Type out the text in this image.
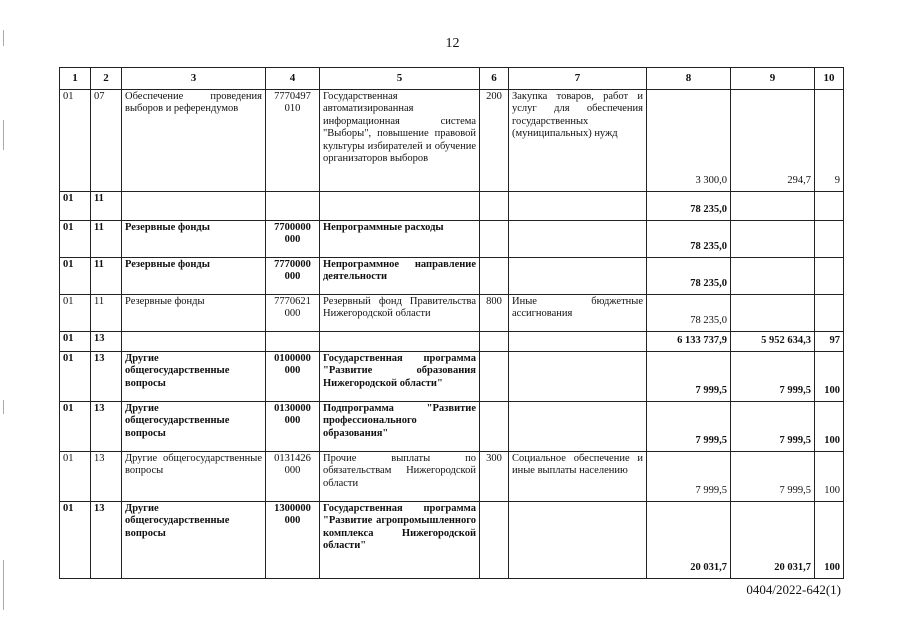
12
1	2	3	4	5	6	7	8	9	10
01	07	Обеспечение проведения выборов и референдумов	7770497 010	Государственная автоматизированная информационная система "Выборы", повышение правовой культуры избирателей и обучение организаторов выборов	200	Закупка товаров, работ и услуг для обеспечения государственных (муниципальных) нужд	3 300,0	294,7	9
01	11						78 235,0		
01	11	Резервные фонды	7700000 000	Непрограммные расходы			78 235,0		
01	11	Резервные фонды	7770000 000	Непрограммное направление деятельности			78 235,0		
01	11	Резервные фонды	7770621 000	Резервный фонд Правительства Нижегородской области	800	Иные бюджетные ассигнования	78 235,0		
01	13						6 133 737,9	5 952 634,3	97
01	13	Другие общегосударственные вопросы	0100000 000	Государственная программа "Развитие образования Нижегородской области"			7 999,5	7 999,5	100
01	13	Другие общегосударственные вопросы	0130000 000	Подпрограмма "Развитие профессионального образования"			7 999,5	7 999,5	100
01	13	Другие общегосударственные вопросы	0131426 000	Прочие выплаты по обязательствам Нижегородской области	300	Социальное обеспечение и иные выплаты населению	7 999,5	7 999,5	100
01	13	Другие общегосударственные вопросы	1300000 000	Государственная программа "Развитие агропромышленного комплекса Нижегородской области"			20 031,7	20 031,7	100
0404/2022-642(1)
